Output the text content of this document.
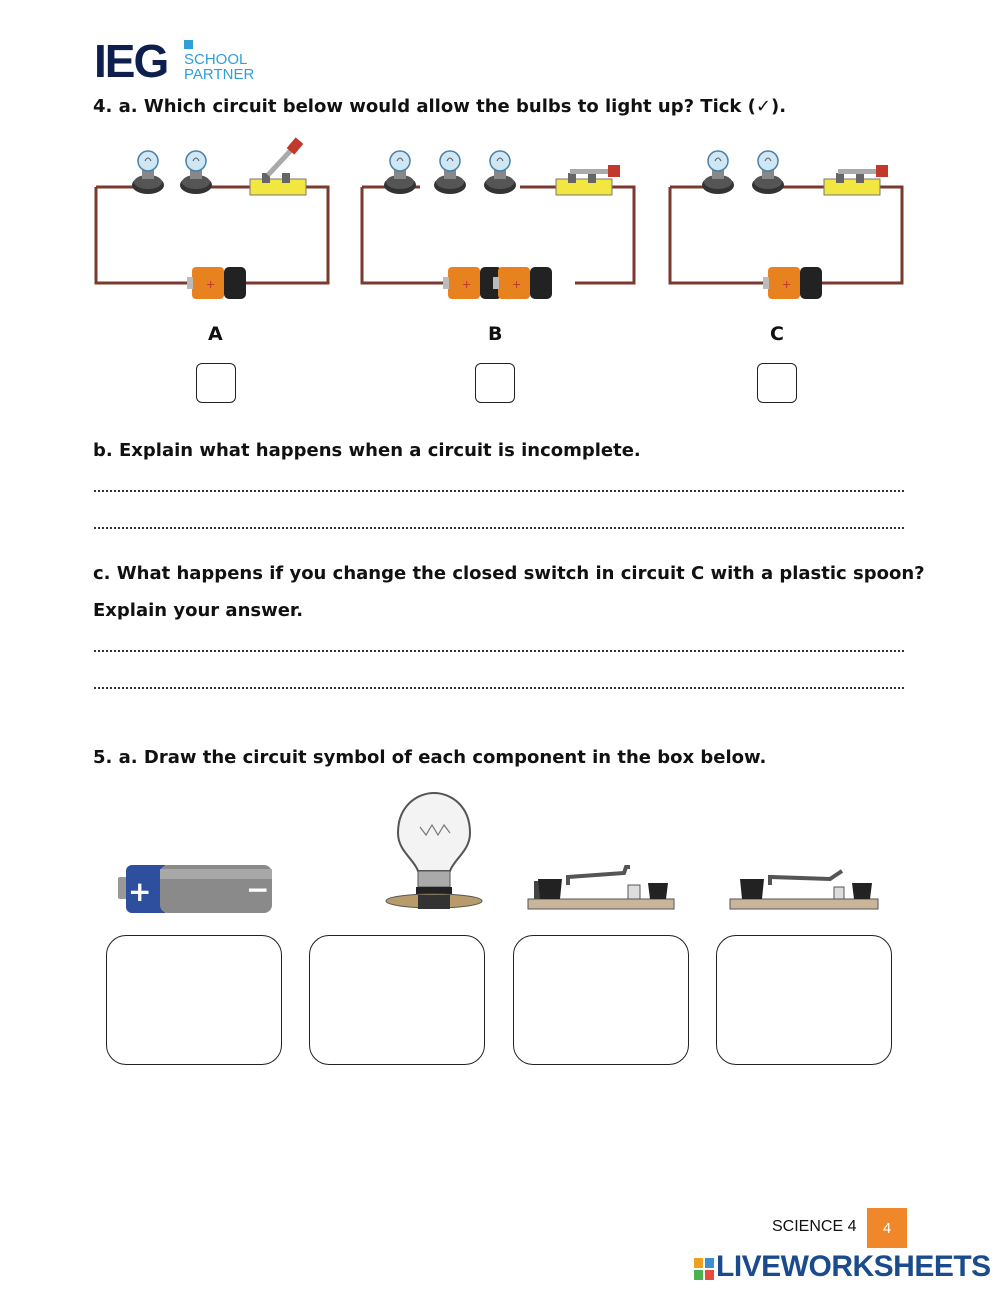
IEG SCHOOL
PARTNER
4. a. Which circuit below would allow the bulbs to light up? Tick (✓).
+
A	B	C
b. Explain what happens when a circuit is incomplete.
c. What happens if you change the closed switch in circuit C with a plastic spoon?
Explain your answer.
5. a. Draw the circuit symbol of each component in the box below.
+	−
SCIENCE 4	4
LIVEWORKSHEETS
